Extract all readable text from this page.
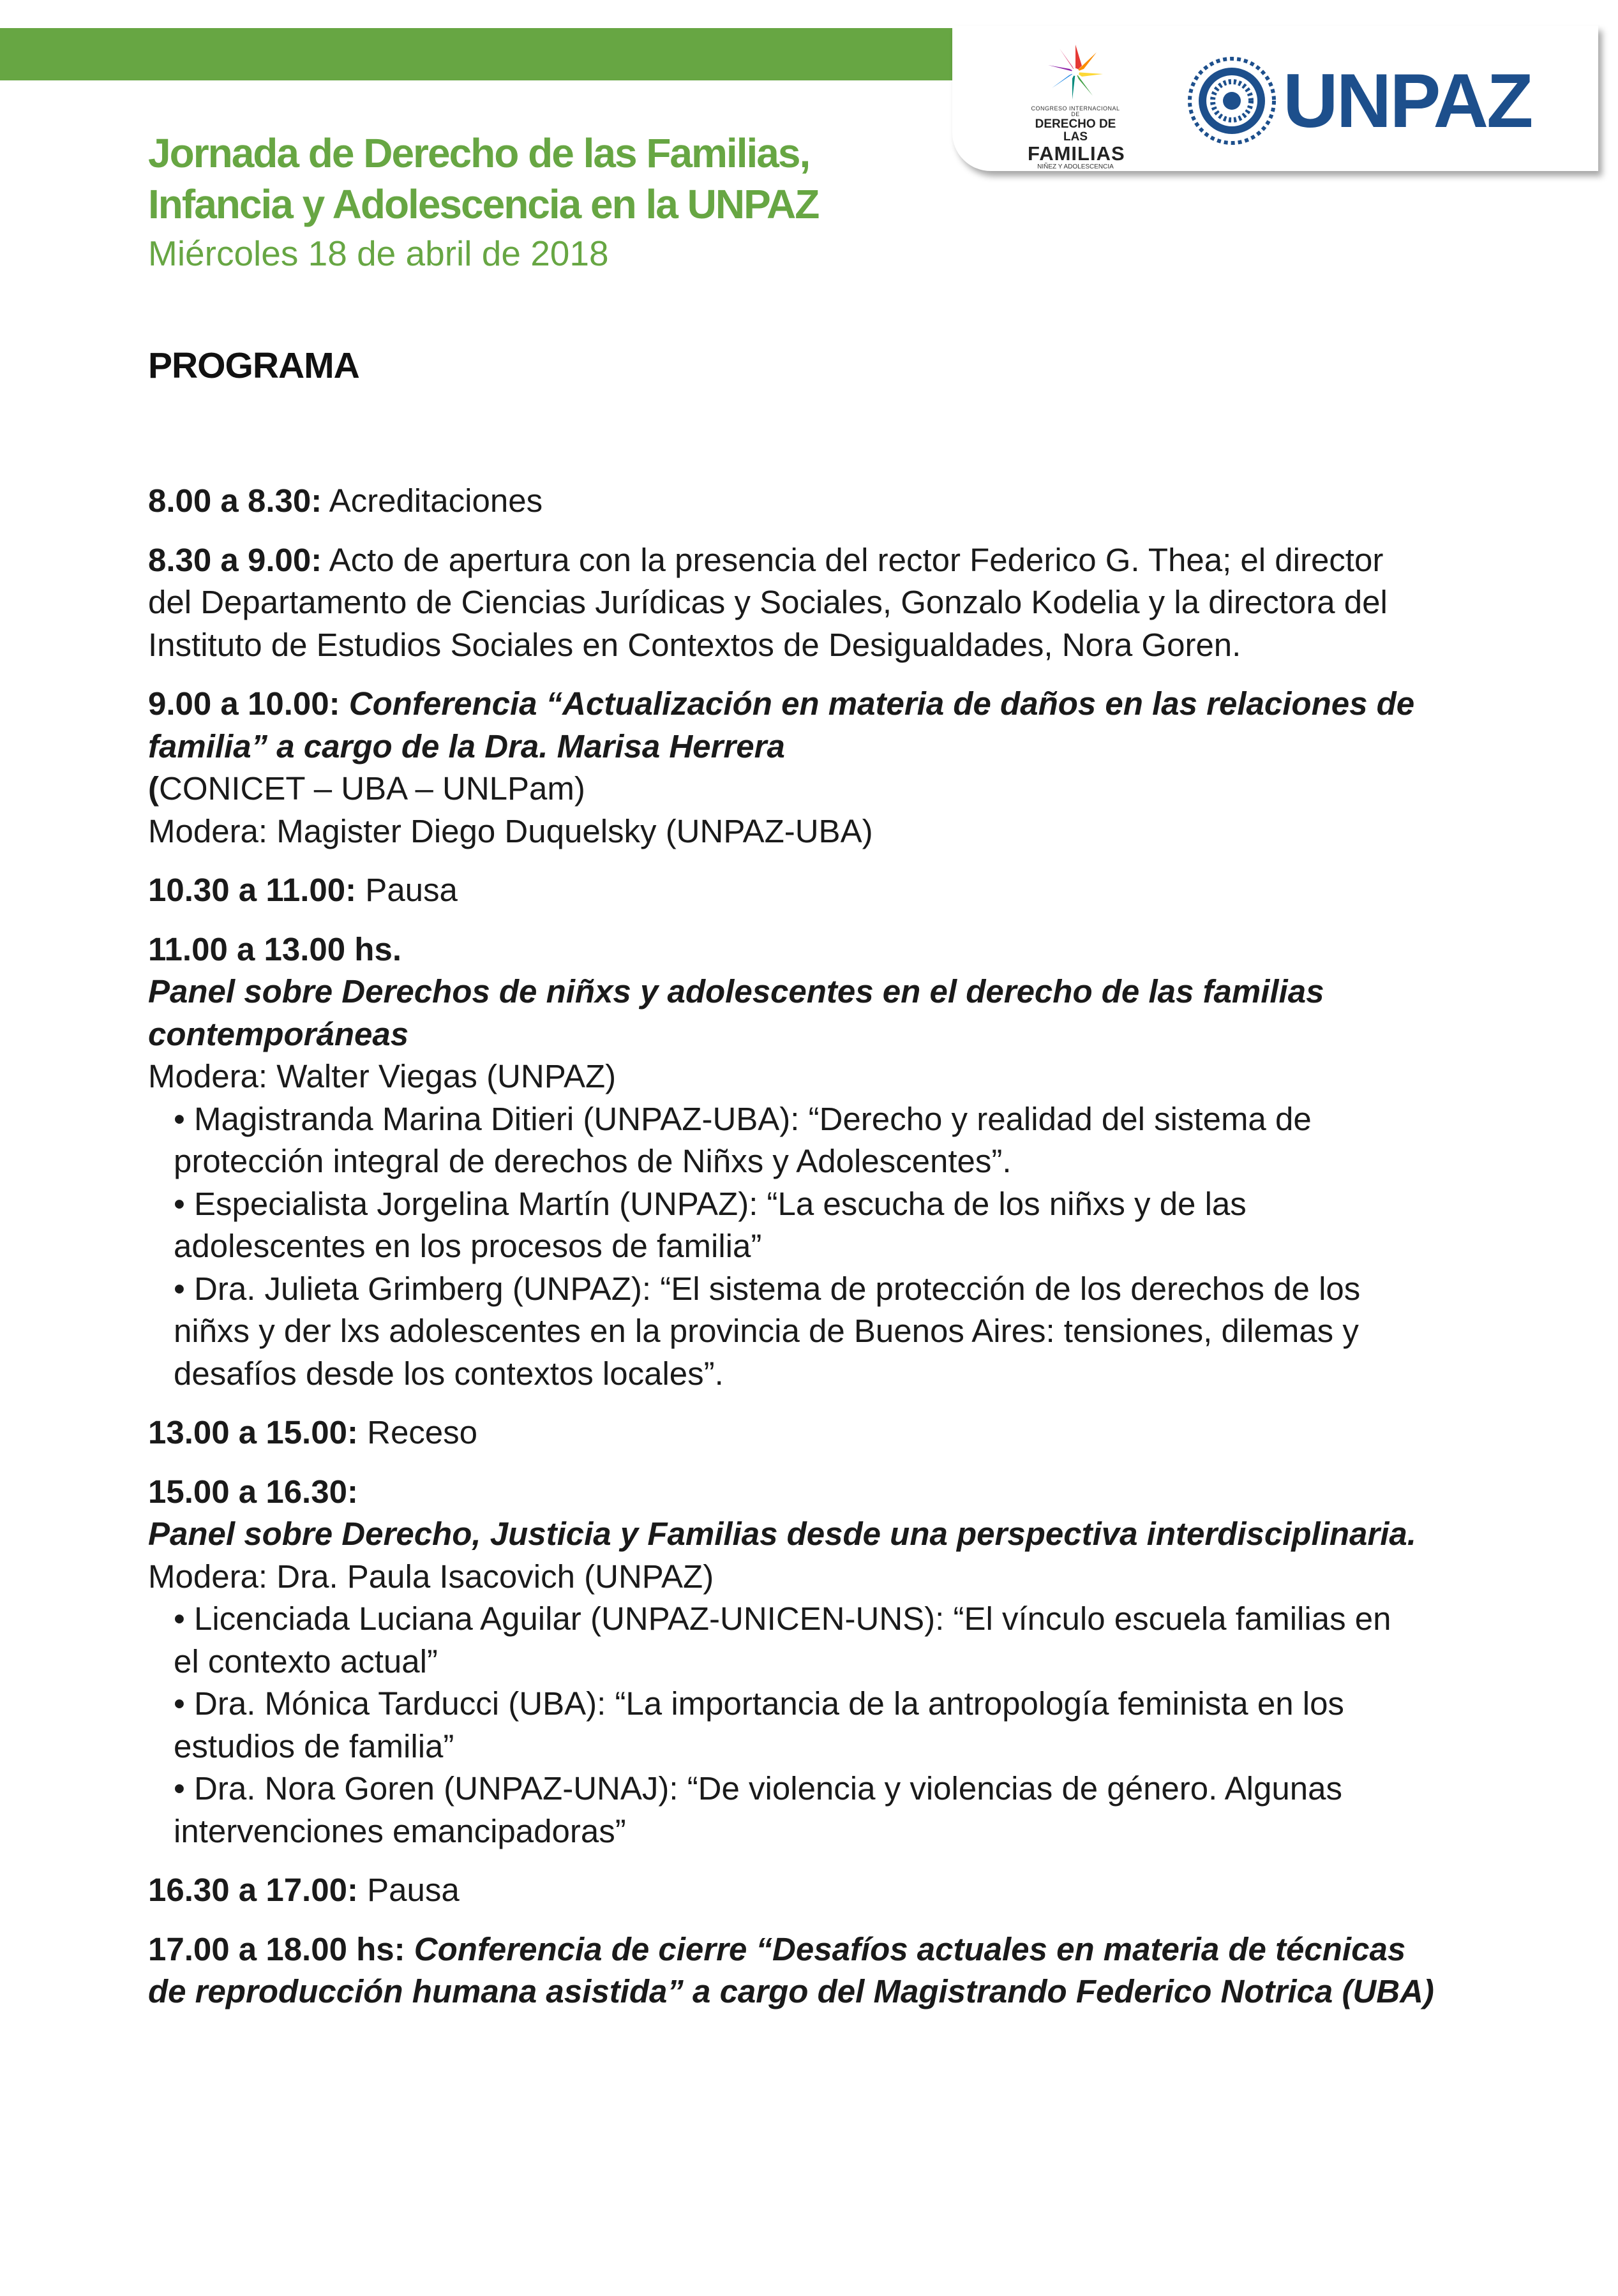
CONGRESO INTERNACIONAL DE
DERECHO DE LAS
FAMILIAS
NIÑEZ Y ADOLESCENCIA
UNPAZ
Jornada de Derecho de las Familias,
Infancia y Adolescencia en la UNPAZ
Miércoles 18 de abril de 2018
PROGRAMA
8.00 a 8.30: Acreditaciones
8.30 a 9.00: Acto de apertura con la presencia del rector Federico G. Thea; el director
del Departamento de Ciencias Jurídicas y Sociales, Gonzalo Kodelia y la directora del
Instituto de Estudios Sociales en Contextos de Desigualdades, Nora Goren.
9.00 a 10.00: Conferencia “Actualización en materia de daños en las relaciones de
familia” a cargo de la Dra. Marisa Herrera
(CONICET – UBA – UNLPam)
Modera: Magister Diego Duquelsky (UNPAZ-UBA)
10.30 a 11.00: Pausa
11.00 a 13.00 hs.
Panel sobre Derechos de niñxs y adolescentes en el derecho de las familias
contemporáneas
Modera: Walter Viegas (UNPAZ)
• Magistranda Marina Ditieri (UNPAZ-UBA): “Derecho y realidad del sistema de
protección integral de derechos de Niñxs y Adolescentes”.
• Especialista Jorgelina Martín (UNPAZ): “La escucha de los niñxs y de las
adolescentes en los procesos de familia”
• Dra. Julieta Grimberg (UNPAZ): “El sistema de protección de los derechos de los
niñxs y der lxs adolescentes en la provincia de Buenos Aires: tensiones, dilemas y
desafíos desde los contextos locales”.
13.00 a 15.00: Receso
15.00 a 16.30:
Panel sobre Derecho, Justicia y Familias desde una perspectiva interdisciplinaria.
Modera: Dra. Paula Isacovich (UNPAZ)
• Licenciada Luciana Aguilar (UNPAZ-UNICEN-UNS): “El vínculo escuela familias en
el contexto actual”
• Dra. Mónica Tarducci (UBA): “La importancia de la antropología feminista en los
estudios de familia”
• Dra. Nora Goren (UNPAZ-UNAJ): “De violencia y violencias de género. Algunas
intervenciones emancipadoras”
16.30 a 17.00: Pausa
17.00 a 18.00 hs: Conferencia de cierre “Desafíos actuales en materia de técnicas
de reproducción humana asistida” a cargo del Magistrando Federico Notrica (UBA)
